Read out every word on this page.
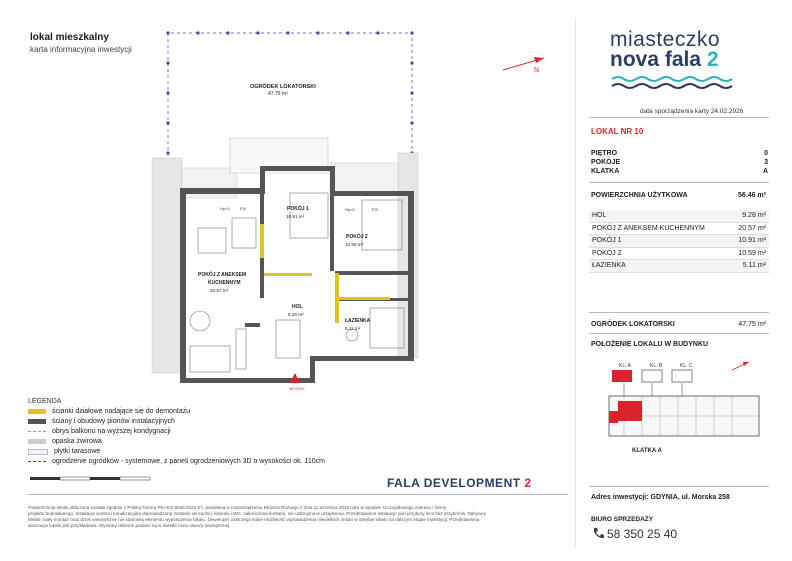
lokal mieszkalny
karta informacyjna inwestycji
N
miasteczko
nova fala 2
data sporządzenia karty 24.02.2026
LOKAL NR 10
PIĘTRO	0
POKOJE	3
KLATKA	A
POWIERZCHNIA UŻYTKOWA	56.46 m²
HOL	9.28 m²
POKÓJ Z ANEKSEM KUCHENNYM	20.57 m²
POKÓJ 1	10.91 m²
POKÓJ 2	10.59 m²
ŁAZIENKA	5.11 m²
OGRÓDEK LOKATORSKI	47.75 m²
POŁOŻENIE LOKALU W BUDYNKU
KL. A	KL. B	KL. C
KLATKA A
Adres inwestycji: GDYNIA, ul. Morska 258
BIURO SPRZEDAŻY
58 350 25 40
OGRÓDEK LOKATORSKI
47.75 m²
POKÓJ 1
10.91 m²
POKÓJ 2
10.59 m²
POKÓJ Z ANEKSEM
KUCHENNYM
20.57 m²
HOL
9.28 m²
ŁAZIENKA
5.11 m²
Hp=0	Hp=0
FIX	FIX
WEJŚCIE
LEGENDA
ścianki działowe nadające się do demontażu
ściany i obudowy pionów instalacyjnych
obrys balkonu na wyższej kondygnacji
opaska żwirowa
płytki tarasowe
ogrodzenie ogródków - systemowe, z paneli ogrodzeniowych 3D o wysokości ok. 110cm
FALA DEVELOPMENT 2

Powierzchnia lokalu obliczona została zgodnie z Polską Normą PN-ISO 9836:2022-07, powołaną w rozporządzeniu Ministra Rozwoju z dnia 11 września 2020 roku w sprawie szczegółowego zakresu i formy

projektu budowlanego. Instalacja wodna i kanalizacyjna doprowadzona zostanie do kuchni, łazienki i WC, zakończona korkami, nie uzbrojona w urządzenia. Przedstawione instalacje pod przybory lecz bez przyborów. Nabywcy

Meble, biały montaż oraz drzwi wewnętrzne nie stanowią elementu wyposażenia lokalu. Deweloper zastrzega sobie możliwość wprowadzenia niewielkich zmian w obrębie lokalu na dalszym etapie inwestycji. Przedstawiona

aranżacja lokalu jest przykładowa. Wymiary okienne podane są w świetle muru otwory zewnętrznej.
